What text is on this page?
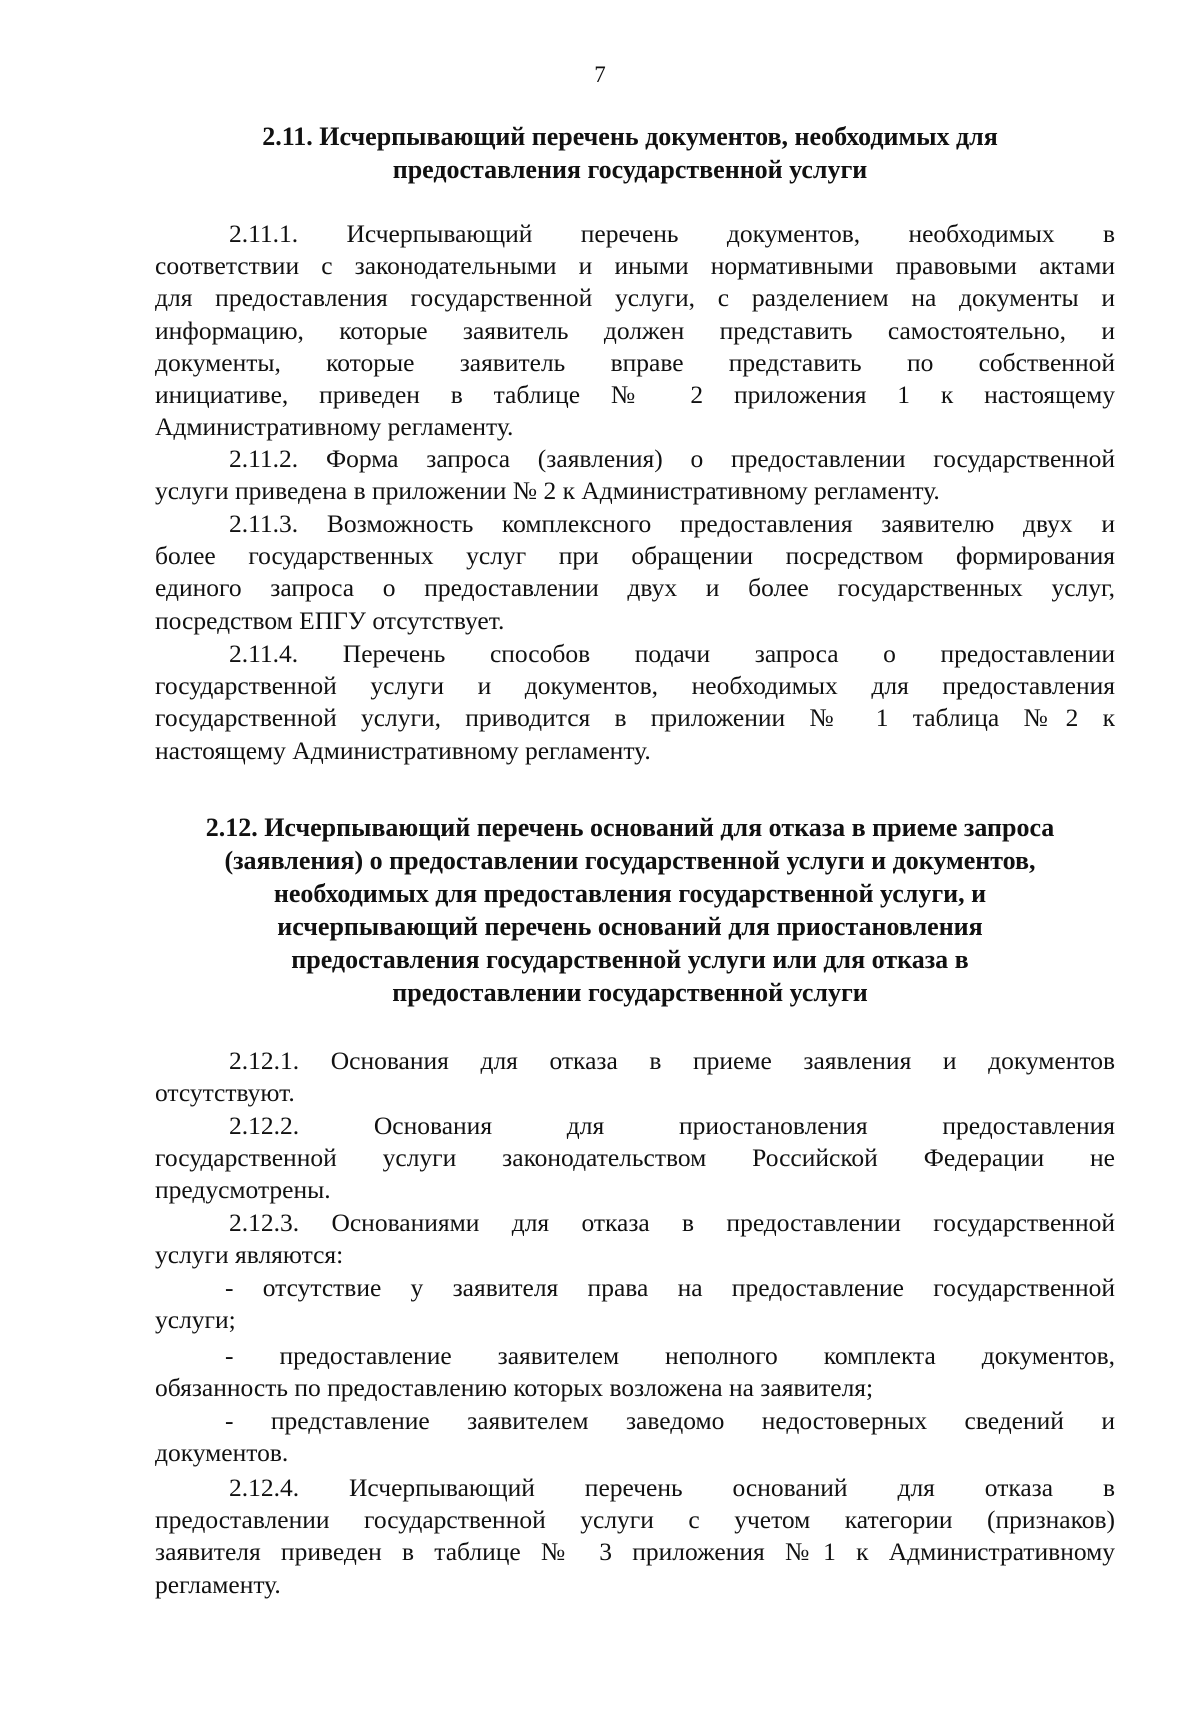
7
2.11. Исчерпывающий перечень документов, необходимых для
предоставления государственной услуги
2.11.1. Исчерпывающий перечень документов, необходимых в
соответствии с законодательными и иными нормативными правовыми актами
для предоставления государственной услуги, с разделением на документы и
информацию, которые заявитель должен представить самостоятельно, и
документы, которые заявитель вправе представить по собственной
инициативе, приведен в таблице № 2 приложения 1 к настоящему
Административному регламенту.
2.11.2. Форма запроса (заявления) о предоставлении государственной
услуги приведена в приложении № 2 к Административному регламенту.
2.11.3. Возможность комплексного предоставления заявителю двух и
более государственных услуг при обращении посредством формирования
единого запроса о предоставлении двух и более государственных услуг,
посредством ЕПГУ отсутствует.
2.11.4. Перечень способов подачи запроса о предоставлении
государственной услуги и документов, необходимых для предоставления
государственной услуги, приводится в приложении № 1 таблица №2 к
настоящему Административному регламенту.
2.12. Исчерпывающий перечень оснований для отказа в приеме запроса
(заявления) о предоставлении государственной услуги и документов,
необходимых для предоставления государственной услуги, и
исчерпывающий перечень оснований для приостановления
предоставления государственной услуги или для отказа в
предоставлении государственной услуги
2.12.1. Основания для отказа в приеме заявления и документов
отсутствуют.
2.12.2. Основания для приостановления предоставления
государственной услуги законодательством Российской Федерации не
предусмотрены.
2.12.3. Основаниями для отказа в предоставлении государственной
услуги являются:
- отсутствие у заявителя права на предоставление государственной
услуги;
- предоставление заявителем неполного комплекта документов,
обязанность по предоставлению которых возложена на заявителя;
- представление заявителем заведомо недостоверных сведений и
документов.
2.12.4. Исчерпывающий перечень оснований для отказа в
предоставлении государственной услуги с учетом категории (признаков)
заявителя приведен в таблице № 3 приложения №1 к Административному
регламенту.
